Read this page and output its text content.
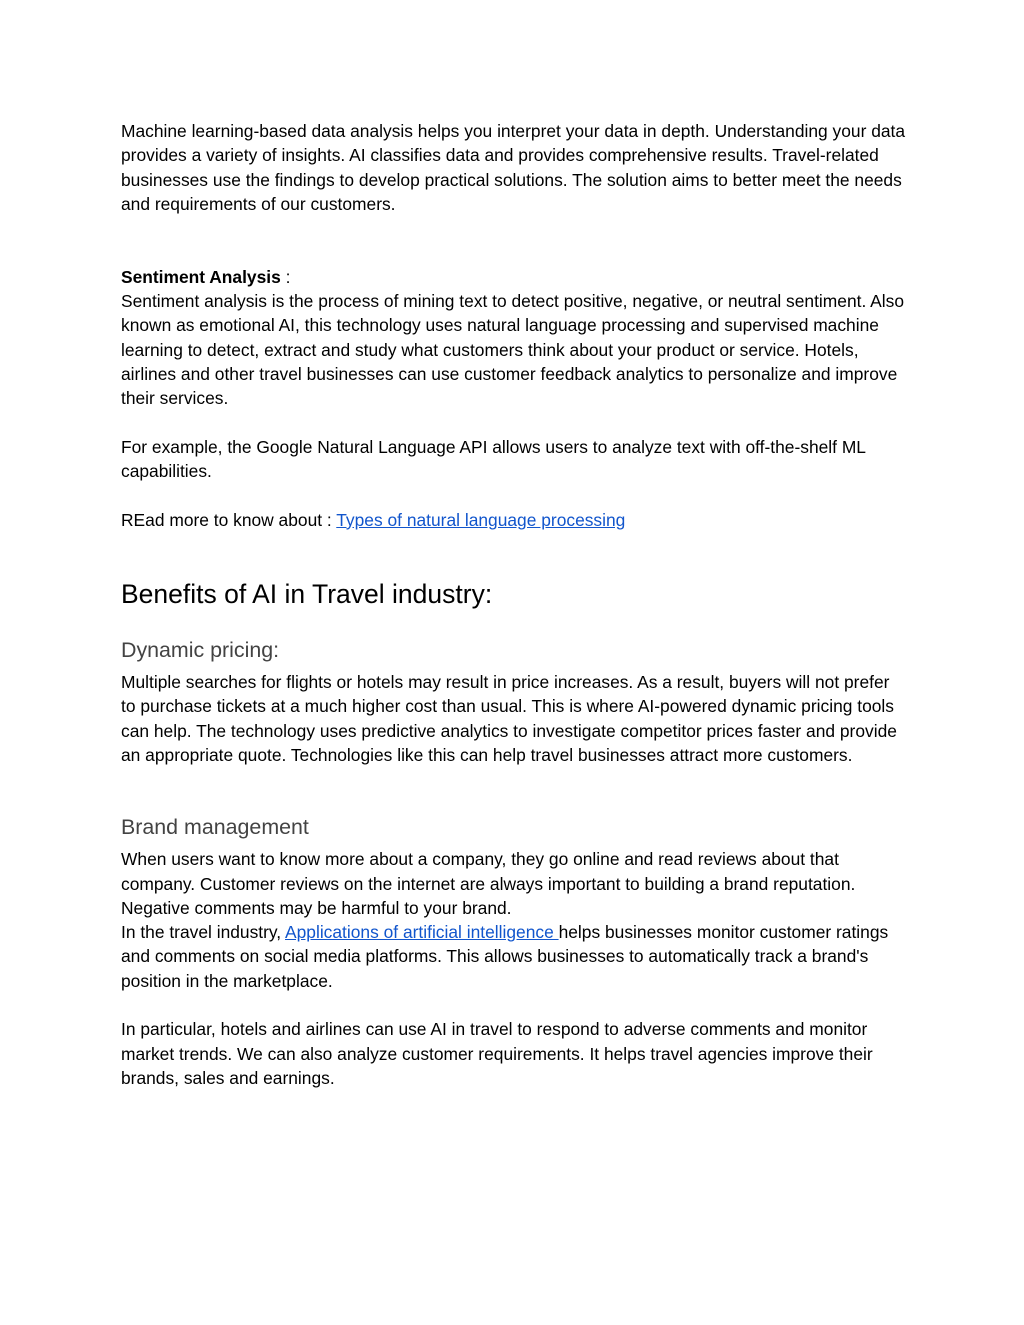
Machine learning-based data analysis helps you interpret your data in depth. Understanding your data provides a variety of insights. AI classifies data and provides comprehensive results. Travel-related businesses use the findings to develop practical solutions. The solution aims to better meet the needs and requirements of our customers.

Sentiment Analysis :

Sentiment analysis is the process of mining text to detect positive, negative, or neutral sentiment. Also known as emotional AI, this technology uses natural language processing and supervised machine learning to detect, extract and study what customers think about your product or service. Hotels, airlines and other travel businesses can use customer feedback analytics to personalize and improve their services.

For example, the Google Natural Language API allows users to analyze text with off-the-shelf ML capabilities.

REad more to know about : Types of natural language processing

Benefits of AI in Travel industry:
Dynamic pricing:

Multiple searches for flights or hotels may result in price increases. As a result, buyers will not prefer to purchase tickets at a much higher cost than usual. This is where AI-powered dynamic pricing tools can help. The technology uses predictive analytics to investigate competitor prices faster and provide an appropriate quote. Technologies like this can help travel businesses attract more customers.

Brand management

When users want to know more about a company, they go online and read reviews about that company. Customer reviews on the internet are always important to building a brand reputation. Negative comments may be harmful to your brand.

In the travel industry, Applications of artificial intelligence helps businesses monitor customer ratings and comments on social media platforms. This allows businesses to automatically track a brand's position in the marketplace.

In particular, hotels and airlines can use AI in travel to respond to adverse comments and monitor market trends. We can also analyze customer requirements. It helps travel agencies improve their brands, sales and earnings.
